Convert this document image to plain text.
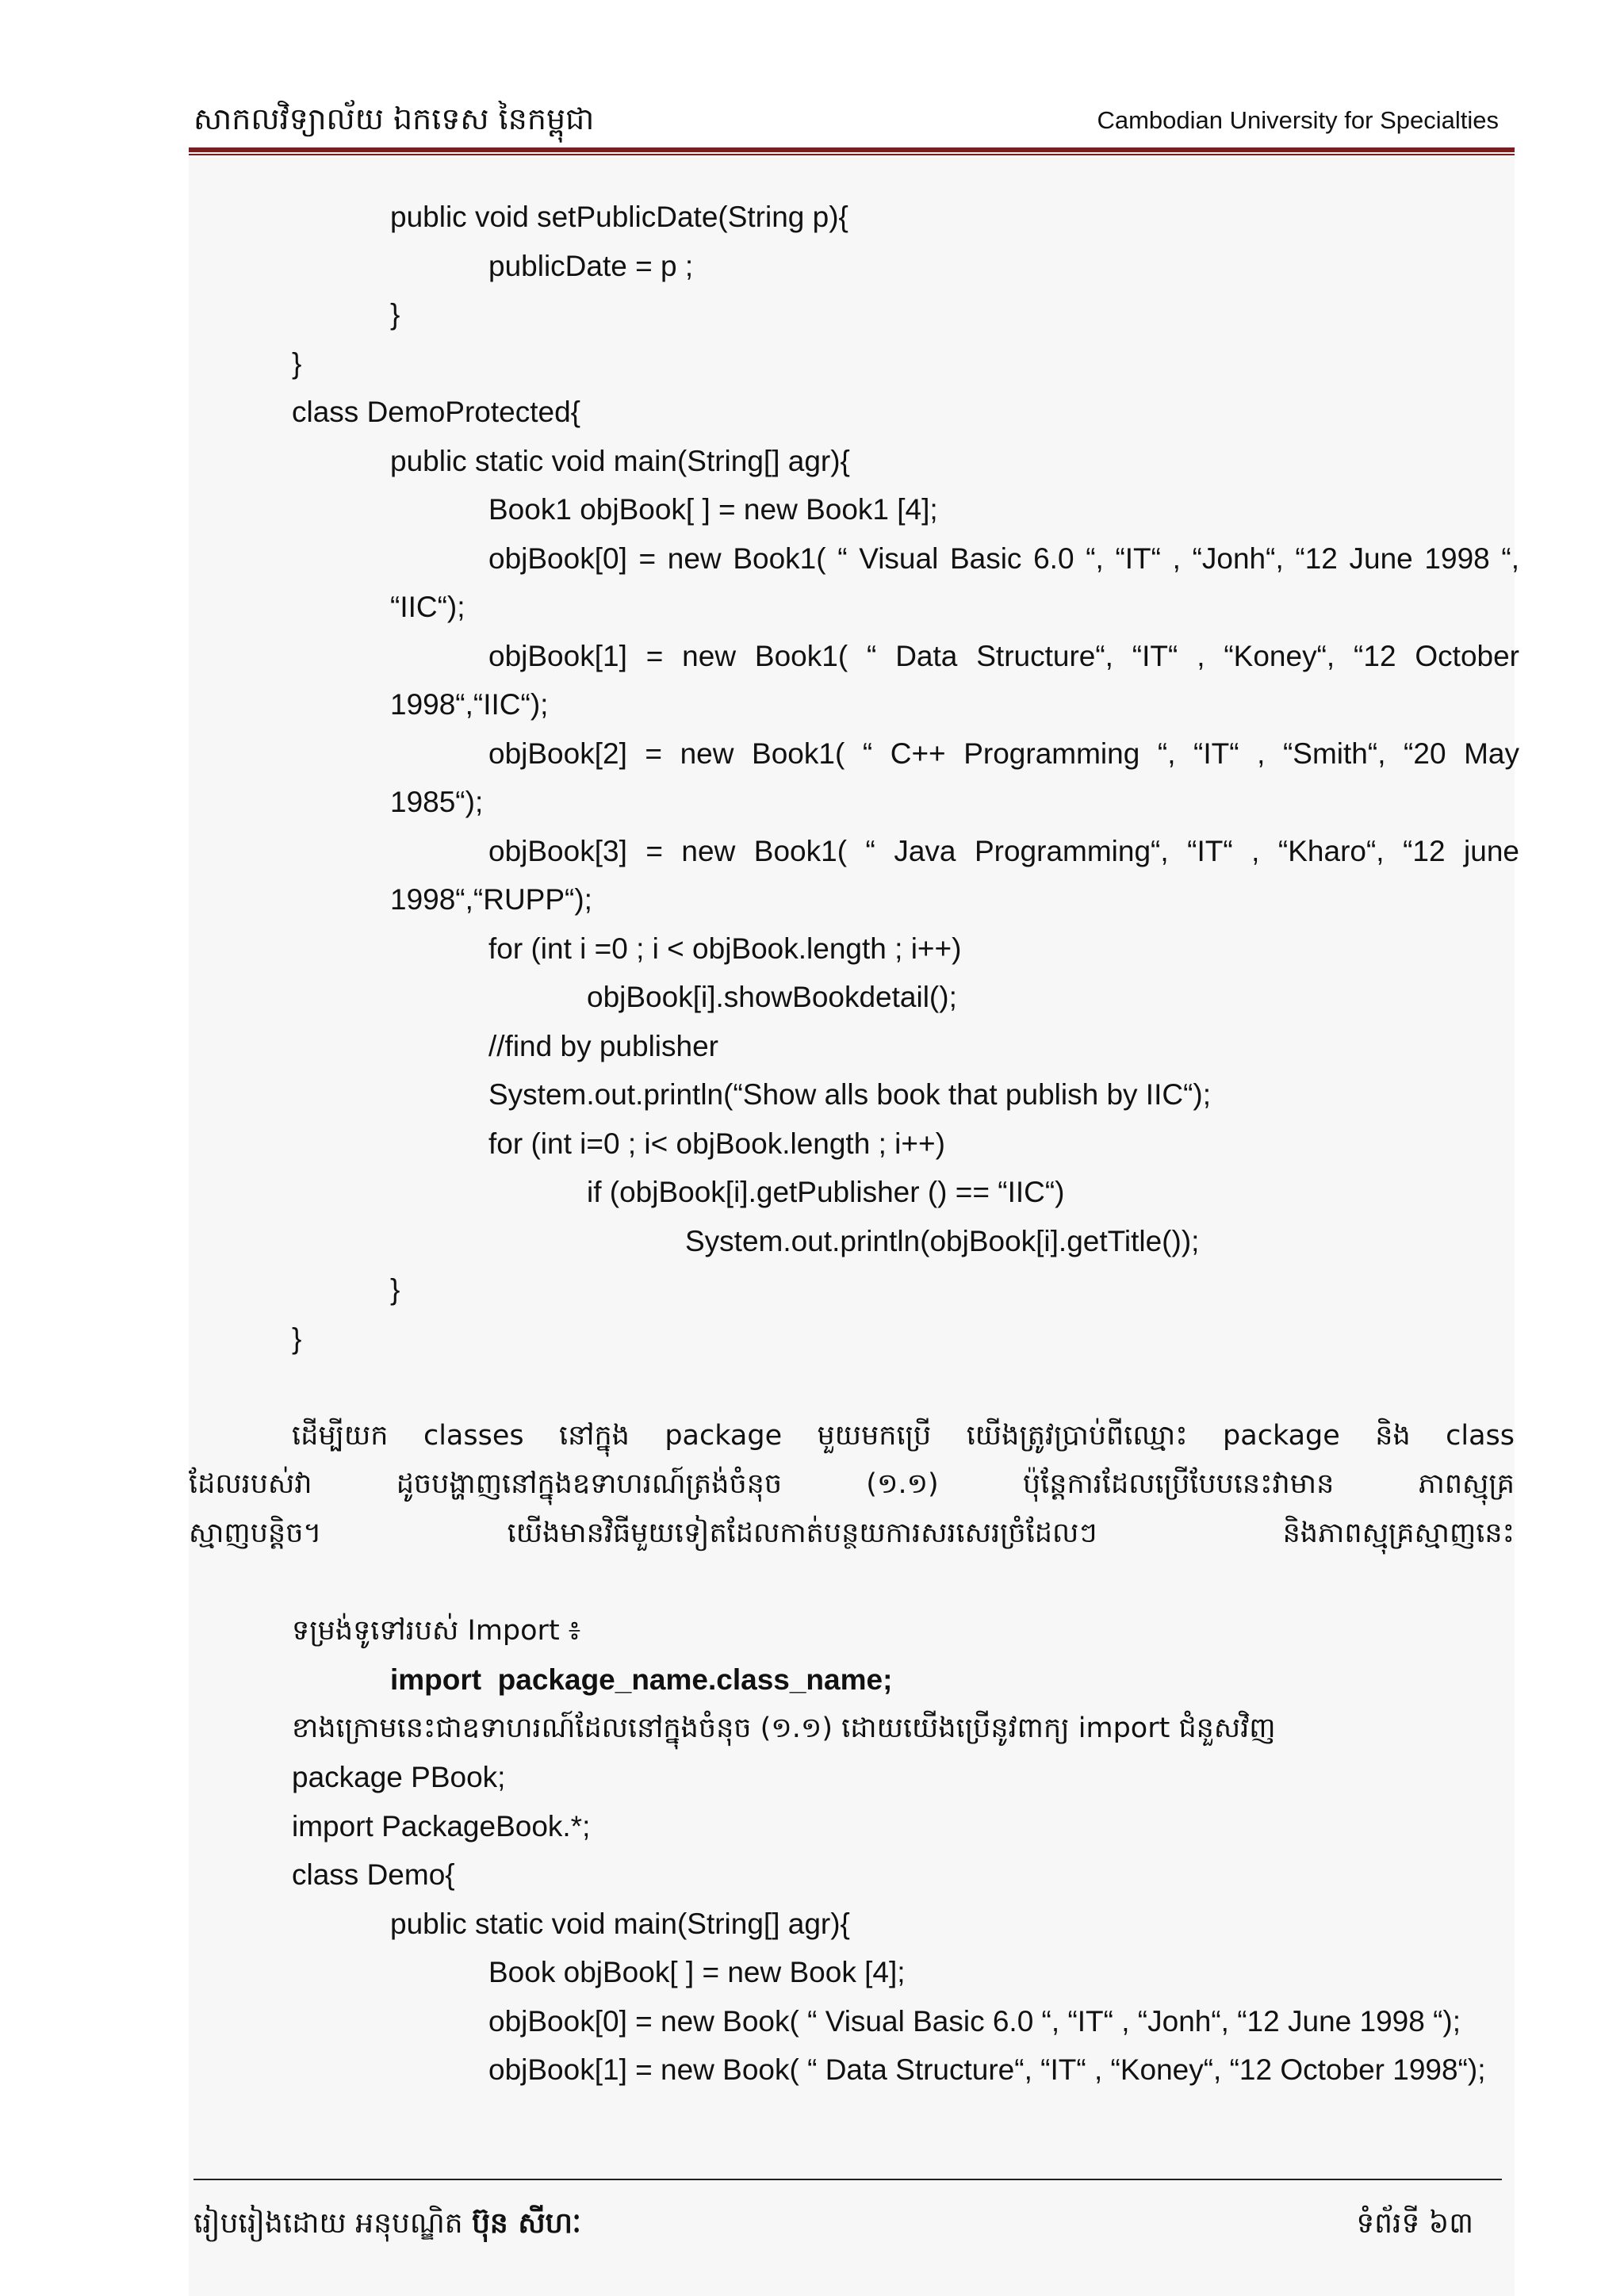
សាកលវិទ្យាល័យ ឯកទេស នៃកម្ពុជា	Cambodian University for Specialties
public void setPublicDate(String p){
publicDate = p ;
}
}
class DemoProtected{
public static void main(String[] agr){
Book1 objBook[ ] = new Book1 [4];
objBook[0] = new Book1( “ Visual Basic 6.0 “, “IT“ , “Jonh“, “12 June 1998 “,
“IIC“);
objBook[1] = new Book1( “ Data Structure“, “IT“ , “Koney“, “12 October
1998“,“IIC“);
objBook[2] = new Book1( “ C++ Programming “, “IT“ , “Smith“, “20 May
1985“);
objBook[3] = new Book1( “ Java Programming“, “IT“ , “Kharo“, “12 june
1998“,“RUPP“);
for (int i =0 ; i < objBook.length ; i++)
objBook[i].showBookdetail();
//find by publisher
System.out.println(“Show alls book that publish by IIC“);
for (int i=0 ; i< objBook.length ; i++)
if (objBook[i].getPublisher () == “IIC“)
System.out.println(objBook[i].getTitle());
}
}

ដើម្បីយក classes នៅក្នុង package មួយមកប្រើ យើងត្រូវប្រាប់ពីឈ្មោះ package និង class
ដែលរបស់វា ដូចបង្ហាញនៅក្នុងឧទាហរណ៍ត្រង់ចំនុច (១.១) ប៉ុន្តែការដែលប្រើបែបនេះវាមាន ភាពស្មុគ្រ
ស្មាញបន្តិច។ យើងមានវិធីមួយទៀតដែលកាត់បន្ថយការសរសេរច្រំដែលៗ និងភាពស្មុគ្រស្មាញនេះ

ទម្រង់ទូទៅរបស់ Import ៖
import  package_name.class_name;
ខាងក្រោមនេះជាឧទាហរណ៍ដែលនៅក្នុងចំនុច (១.១) ដោយយើងប្រើនូវពាក្យ import ជំនួសវិញ
package PBook;
import PackageBook.*;
class Demo{
public static void main(String[] agr){
Book objBook[ ] = new Book [4];
objBook[0] = new Book( “ Visual Basic 6.0 “, “IT“ , “Jonh“, “12 June 1998 “);
objBook[1] = new Book( “ Data Structure“, “IT“ , “Koney“, “12 October 1998“);
រៀបរៀងដោយ អនុបណ្ឌិត ប៊ុន សីហៈ	ទំព័រទី ៦៣
